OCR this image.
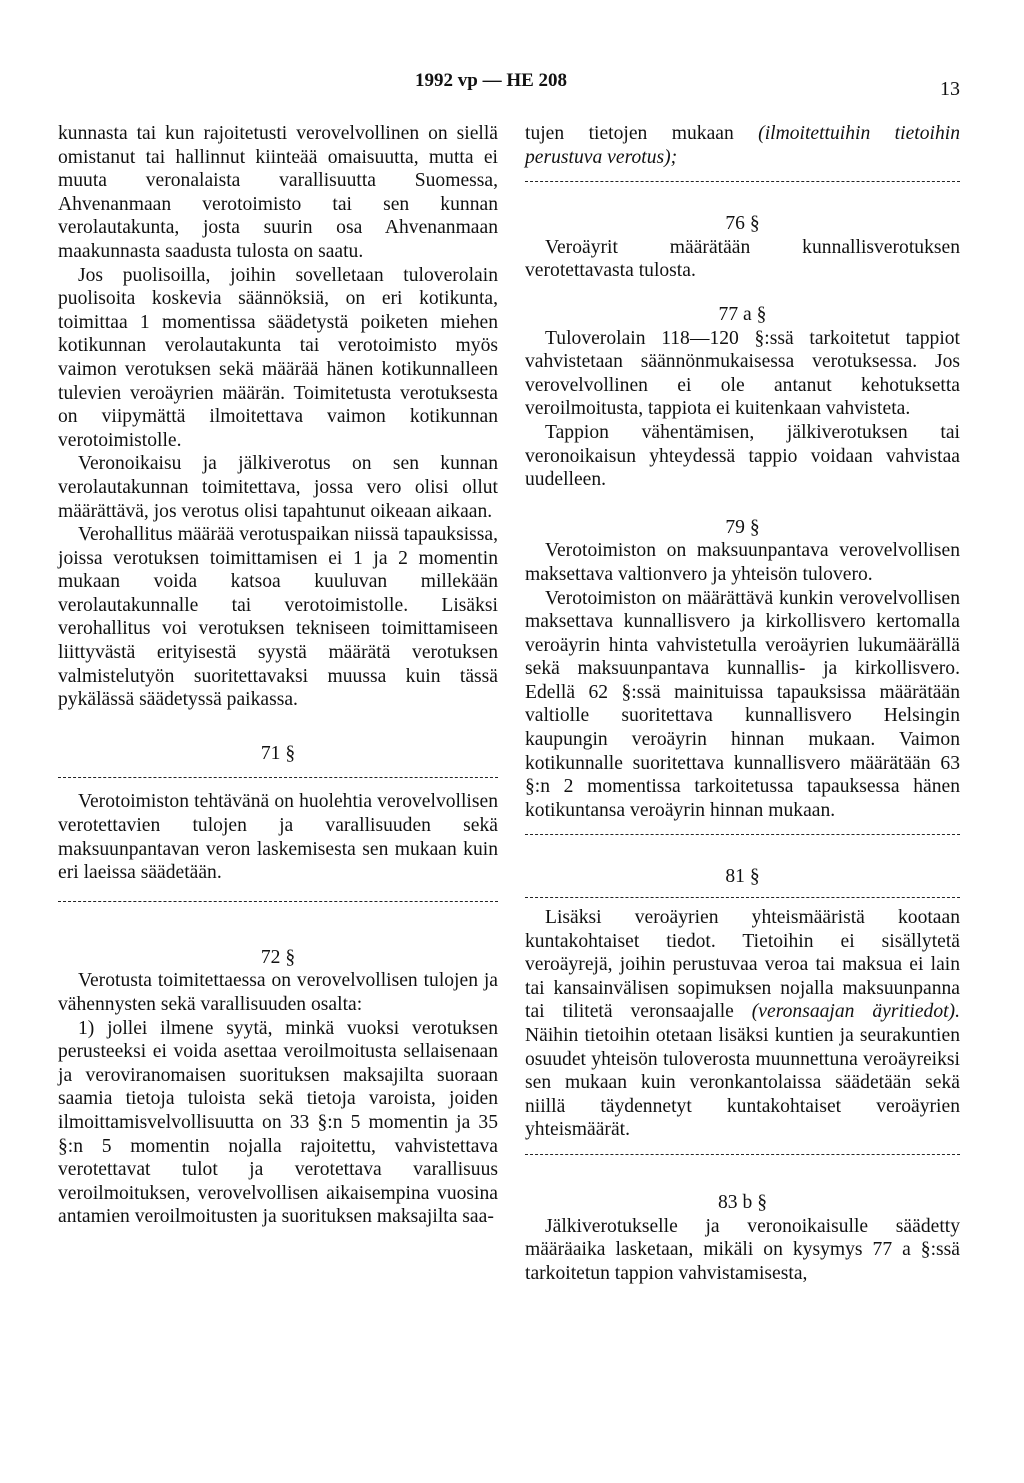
1992 vp — HE 208	13

kunnasta tai kun rajoitetusti verovelvollinen on siellä omistanut tai hallinnut kiinteää omaisuutta, mutta ei muuta veronalaista varallisuutta Suomessa, Ahvenanmaan verotoimisto tai sen kunnan verolautakunta, josta suurin osa Ahvenanmaan maakunnasta saadusta tulosta on saatu.

Jos puolisoilla, joihin sovelletaan tuloverolain puolisoita koskevia säännöksiä, on eri kotikunta, toimittaa 1 momentissa säädetystä poiketen miehen kotikunnan verolautakunta tai verotoimisto myös vaimon verotuksen sekä määrää hänen kotikunnalleen tulevien veroäyrien määrän. Toimitetusta verotuksesta on viipymättä ilmoitettava vaimon kotikunnan verotoimistolle.

Veronoikaisu ja jälkiverotus on sen kunnan verolautakunnan toimitettava, jossa vero olisi ollut määrättävä, jos verotus olisi tapahtunut oikeaan aikaan.

Verohallitus määrää verotuspaikan niissä tapauksissa, joissa verotuksen toimittamisen ei 1 ja 2 momentin mukaan voida katsoa kuuluvan millekään verolautakunnalle tai verotoimistolle. Lisäksi verohallitus voi verotuksen tekniseen toimittamiseen liittyvästä erityisestä syystä määrätä verotuksen valmistelutyön suoritettavaksi muussa kuin tässä pykälässä säädetyssä paikassa.

71 §

Verotoimiston tehtävänä on huolehtia verovelvollisen verotettavien tulojen ja varallisuuden sekä maksuunpantavan veron laskemisesta sen mukaan kuin eri laeissa säädetään.

72 §

Verotusta toimitettaessa on verovelvollisen tulojen ja vähennysten sekä varallisuuden osalta:

1) jollei ilmene syytä, minkä vuoksi verotuksen perusteeksi ei voida asettaa veroilmoitusta sellaisenaan ja veroviranomaisen suorituksen maksajilta suoraan saamia tietoja tuloista sekä tietoja varoista, joiden ilmoittamisvelvollisuutta on 33 §:n 5 momentin ja 35 §:n 5 momentin nojalla rajoitettu, vahvistettava verotettavat tulot ja verotettava varallisuus veroilmoituksen, verovelvollisen aikaisempina vuosina antamien veroilmoitusten ja suorituksen maksajilta saa-

tujen tietojen mukaan (ilmoitettuihin tietoihin perustuva verotus);

76 §

Veroäyrit määrätään kunnallisverotuksen verotettavasta tulosta.

77 a §

Tuloverolain 118—120 §:ssä tarkoitetut tappiot vahvistetaan säännönmukaisessa verotuksessa. Jos verovelvollinen ei ole antanut kehotuksetta veroilmoitusta, tappiota ei kuitenkaan vahvisteta.

Tappion vähentämisen, jälkiverotuksen tai veronoikaisun yhteydessä tappio voidaan vahvistaa uudelleen.

79 §

Verotoimiston on maksuunpantava verovelvollisen maksettava valtionvero ja yhteisön tulovero.

Verotoimiston on määrättävä kunkin verovelvollisen maksettava kunnallisvero ja kirkollisvero kertomalla veroäyrin hinta vahvistetulla veroäyrien lukumäärällä sekä maksuunpantava kunnallis- ja kirkollisvero. Edellä 62 §:ssä mainituissa tapauksissa määrätään valtiolle suoritettava kunnallisvero Helsingin kaupungin veroäyrin hinnan mukaan. Vaimon kotikunnalle suoritettava kunnallisvero määrätään 63 §:n 2 momentissa tarkoitetussa tapauksessa hänen kotikuntansa veroäyrin hinnan mukaan.

81 §

Lisäksi veroäyrien yhteismääristä kootaan kuntakohtaiset tiedot. Tietoihin ei sisällytetä veroäyrejä, joihin perustuvaa veroa tai maksua ei lain tai kansainvälisen sopimuksen nojalla maksuunpanna tai tilitetä veronsaajalle (veronsaajan äyritiedot). Näihin tietoihin otetaan lisäksi kuntien ja seurakuntien osuudet yhteisön tuloverosta muunnettuna veroäyreiksi sen mukaan kuin veronkantolaissa säädetään sekä niillä täydennetyt kuntakohtaiset veroäyrien yhteismäärät.

83 b §

Jälkiverotukselle ja veronoikaisulle säädetty määräaika lasketaan, mikäli on kysymys 77 a §:ssä tarkoitetun tappion vahvistamisesta,
